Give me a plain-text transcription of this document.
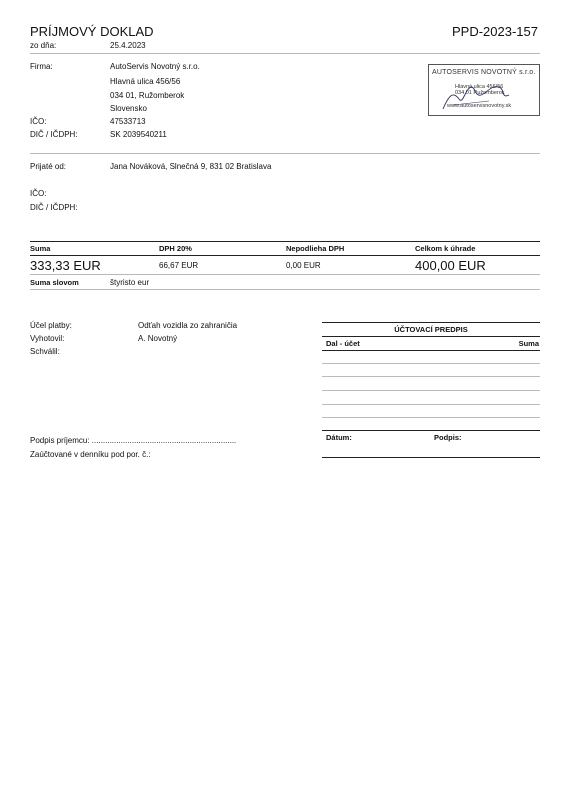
PRÍJMOVÝ DOKLAD	PPD-2023-157
zo dňa:	25.4.2023
Firma:	AutoServis Novotný s.r.o.
Hlavná ulica 456/56
034 01, Ružomberok
Slovensko
IČO:	47533713
DIČ / IČDPH:	SK 2039540211
AUTOSERVIS NOVOTNÝ s.r.o.
Hlavná ulica 456/56
034 01 Ružomberok
www.autoservisnovotny.sk
Prijaté od:	Jana Nováková, Slnečná 9, 831 02 Bratislava
IČO:
DIČ / IČDPH:
Suma	DPH 20%	Nepodlieha DPH	Celkom k úhrade
333,33 EUR	66,67 EUR	0,00 EUR	400,00 EUR
Suma slovom	štyristo eur
Účel platby:	Odťah vozidla zo zahraničia
Vyhotovil:	A. Novotný
Schválil:
ÚČTOVACÍ PREDPIS
Dal - účet	Suma
Dátum:	Podpis:
Podpis príjemcu: .................................................................
Zaúčtované v denníku pod por. č.:
